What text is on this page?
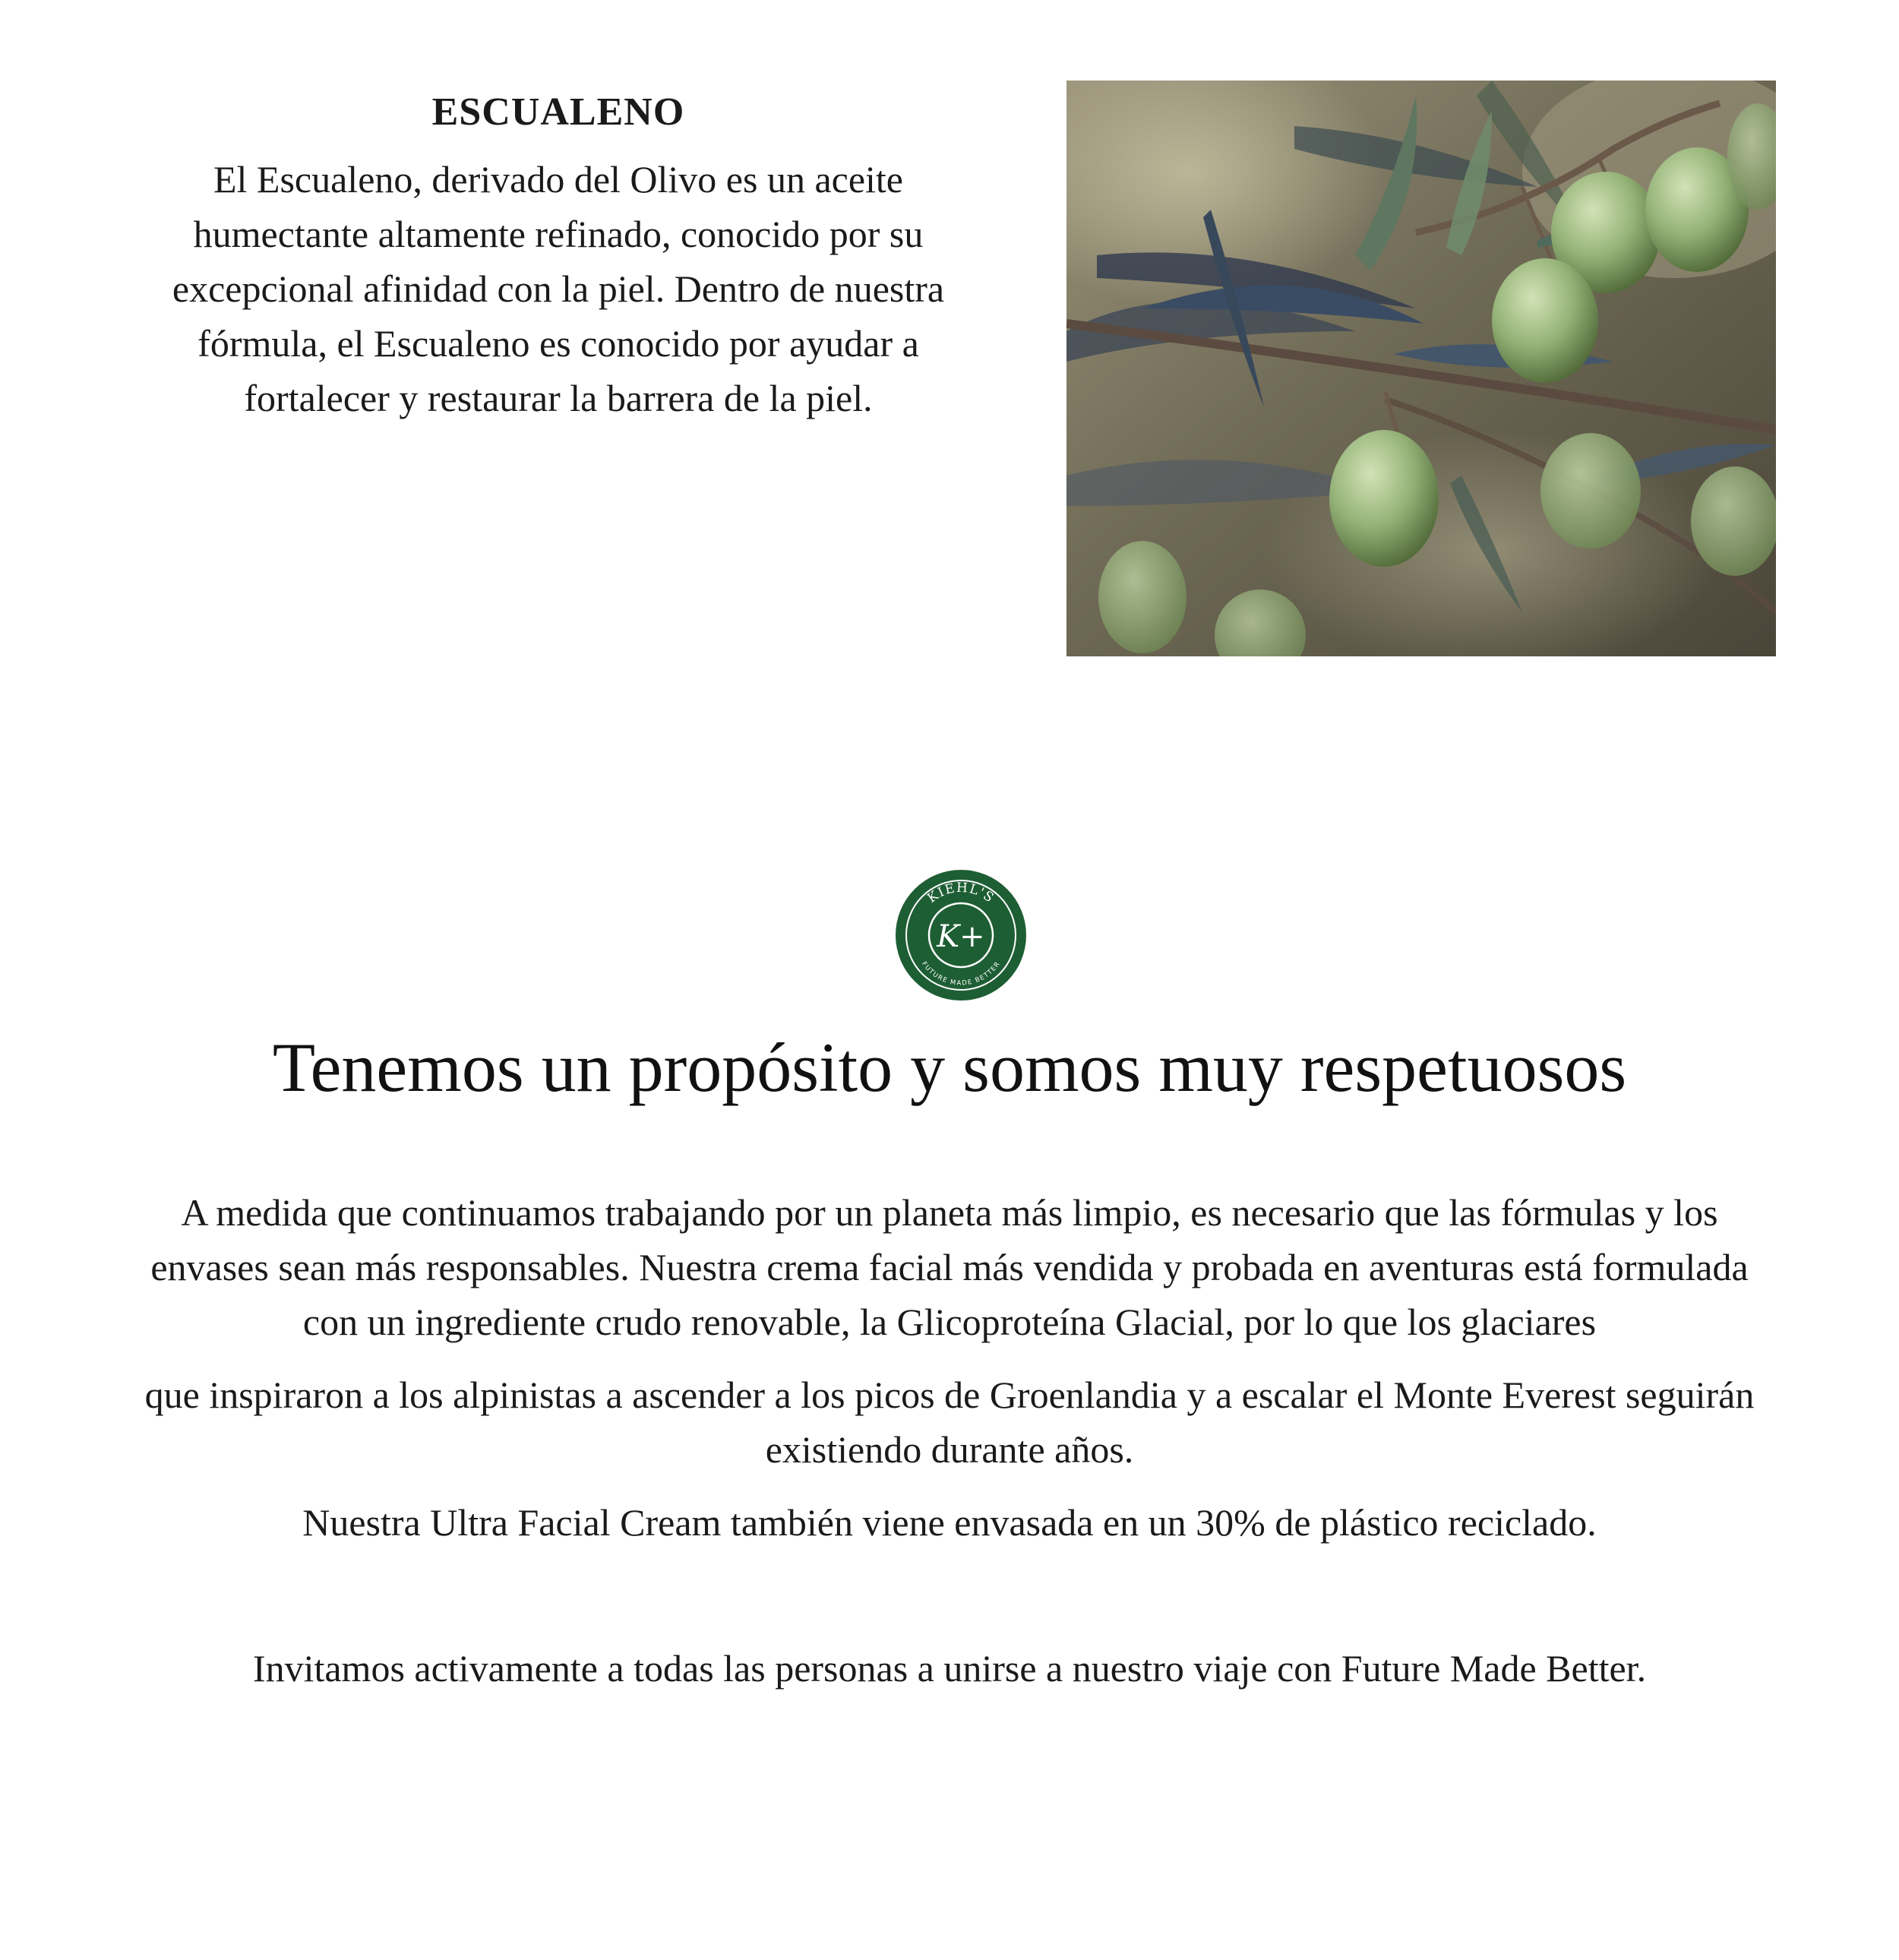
ESCUALENO

El Escualeno, derivado del Olivo es un aceite humectante altamente refinado, conocido por su excepcional afinidad con la piel. Dentro de nuestra fórmula, el Escualeno es conocido por ayudar a fortalecer y restaurar la barrera de la piel.

KIEHL'S
FUTURE MADE BETTER
K+
Tenemos un propósito y somos muy respetuosos

A medida que continuamos trabajando por un planeta más limpio, es necesario que las fórmulas y los envases sean más responsables. Nuestra crema facial más vendida y probada en aventuras está formulada con un ingrediente crudo renovable, la Glicoproteína Glacial, por lo que los glaciares

que inspiraron a los alpinistas a ascender a los picos de Groenlandia y a escalar el Monte Everest seguirán existiendo durante años.

Nuestra Ultra Facial Cream también viene envasada en un 30% de plástico reciclado.

Invitamos activamente a todas las personas a unirse a nuestro viaje con Future Made Better.
